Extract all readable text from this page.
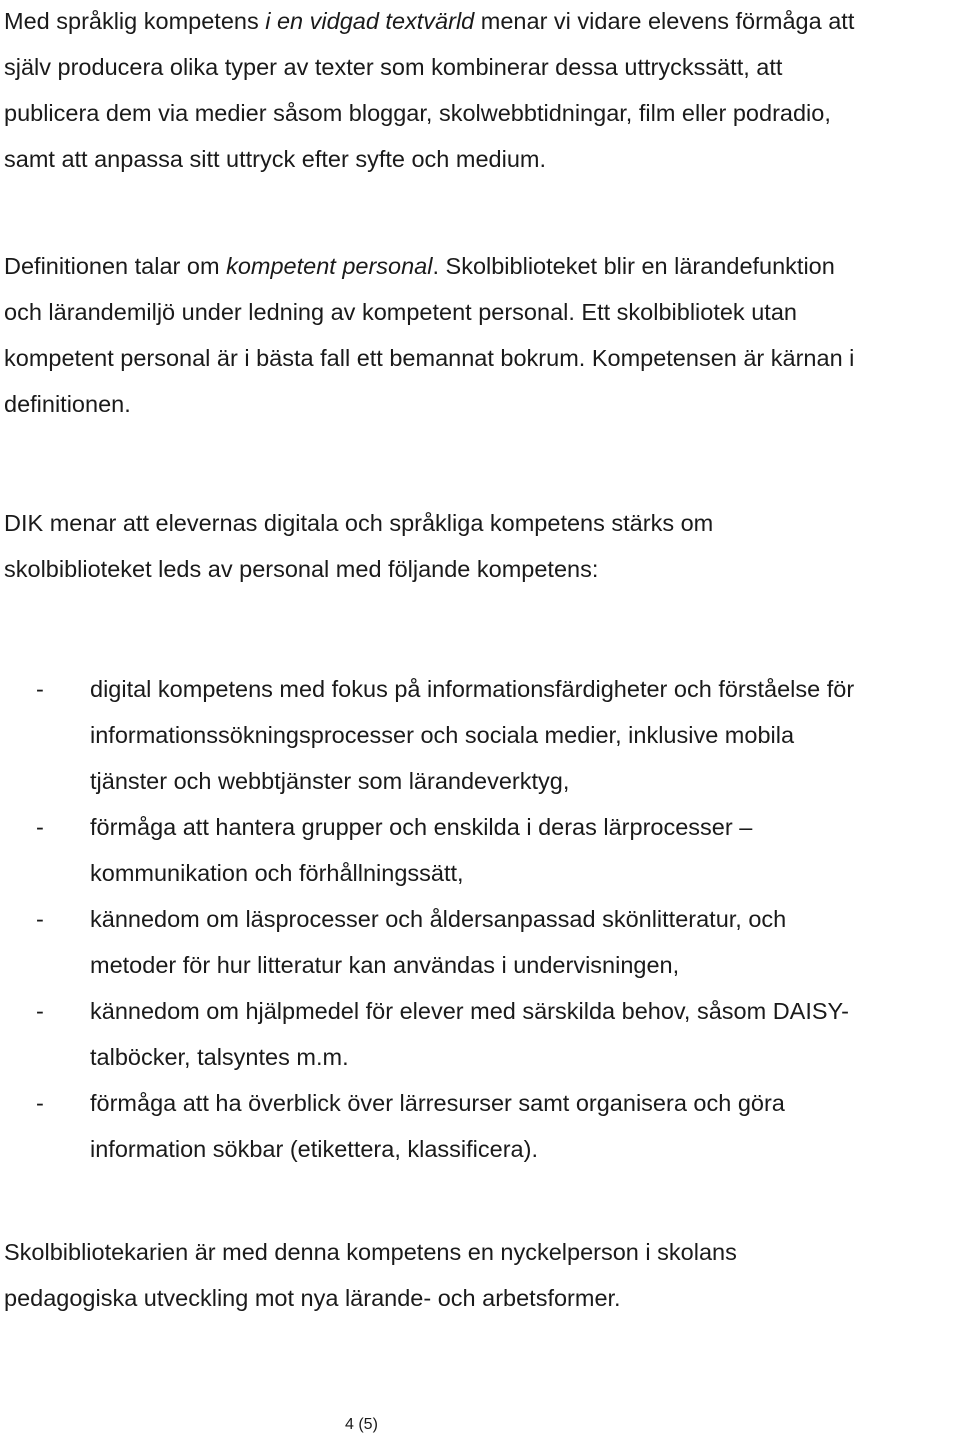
Med språklig kompetens i en vidgad textvärld menar vi vidare elevens förmåga att
själv producera olika typer av texter som kombinerar dessa uttryckssätt, att
publicera dem via medier såsom bloggar, skolwebbtidningar, film eller podradio,
samt att anpassa sitt uttryck efter syfte och medium.

Definitionen talar om kompetent personal. Skolbiblioteket blir en lärandefunktion
och lärandemiljö under ledning av kompetent personal. Ett skolbibliotek utan
kompetent personal är i bästa fall ett bemannat bokrum. Kompetensen är kärnan i
definitionen.

DIK menar att elevernas digitala och språkliga kompetens stärks om
skolbiblioteket leds av personal med följande kompetens:

- digital kompetens med fokus på informationsfärdigheter och förståelse för
informationssökningsprocesser och sociala medier, inklusive mobila
tjänster och webbtjänster som lärandeverktyg,
- förmåga att hantera grupper och enskilda i deras lärprocesser –
kommunikation och förhållningssätt,
- kännedom om läsprocesser och åldersanpassad skönlitteratur, och
metoder för hur litteratur kan användas i undervisningen,
- kännedom om hjälpmedel för elever med särskilda behov, såsom DAISY-
talböcker, talsyntes m.m.
- förmåga att ha överblick över lärresurser samt organisera och göra
information sökbar (etikettera, klassificera).

Skolbibliotekarien är med denna kompetens en nyckelperson i skolans
pedagogiska utveckling mot nya lärande- och arbetsformer.

4 (5)
